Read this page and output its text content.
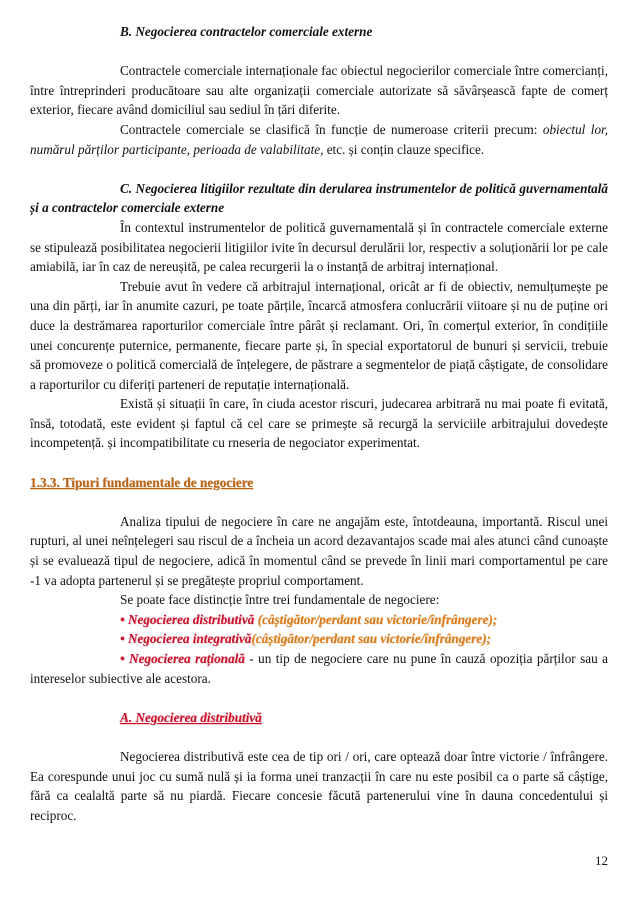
B. Negocierea contractelor comerciale externe

Contractele comerciale internaționale fac obiectul negocierilor comerciale între comercianți, între întreprinderi producătoare sau alte organizații comerciale autorizate să săvârșească fapte de comerț exterior, fiecare având domiciliul sau sediul în țări diferite.

Contractele comerciale se clasifică în funcție de numeroase criterii precum: obiectul lor, numărul părților participante, perioada de valabilitate, etc. și conțin clauze specifice.

C. Negocierea litigiilor rezultate din derularea instrumentelor de politică guvernamentală și a contractelor comerciale externe

În contextul instrumentelor de politică guvernamentală și în contractele comerciale externe se stipulează posibilitatea negocierii litigiilor ivite în decursul derulării lor, respectiv a soluționării lor pe cale amiabilă, iar în caz de nereușită, pe calea recurgerii la o instanță de arbitraj internațional.

Trebuie avut în vedere că arbitrajul internațional, oricât ar fi de obiectiv, nemulțumește pe una din părți, iar în anumite cazuri, pe toate părțile, încarcă atmosfera conlucrării viitoare și nu de puține ori duce la destrămarea raporturilor comerciale între pârât și reclamant. Ori, în comerțul exterior, în condițiile unei concurențe puternice, permanente, fiecare parte și, în special exportatorul de bunuri și servicii, trebuie să promoveze o politică comercială de înțelegere, de păstrare a segmentelor de piață câștigate, de consolidare a raporturilor cu diferiți parteneri de reputație internațională.

Există și situații în care, în ciuda acestor riscuri, judecarea arbitrară nu mai poate fi evitată, însă, totodată, este evident și faptul că cel care se primește să recurgă la serviciile arbitrajului dovedește incompetență. și incompatibilitate cu rneseria de negociator experimentat.

1.3.3. Tipuri fundamentale de negociere

Analiza tipului de negociere în care ne angajăm este, întotdeauna, importantă. Riscul unei rupturi, al unei neînțelegeri sau riscul de a încheia un acord dezavantajos scade mai ales atunci când cunoaște și se evaluează tipul de negociere, adică în momentul când se prevede în linii mari comportamentul pe care -1 va adopta partenerul și se pregătește propriul comportament.

Se poate face distincție între trei fundamentale de negociere:

• Negocierea distributivă (câștigător/perdant sau victorie/înfrângere);

• Negocierea integrativă(câștigător/perdant sau victorie/înfrângere);

• Negocierea rațională - un tip de negociere care nu pune în cauză opoziția părților sau a intereselor subiective ale acestora.

A. Negocierea distributivă

Negocierea distributivă este cea de tip ori / ori, care optează doar între victorie / înfrângere. Ea corespunde unui joc cu sumă nulă și ia forma unei tranzacții în care nu este posibil ca o parte să câștige, fără ca cealaltă parte să nu piardă. Fiecare concesie făcută partenerului vine în dauna concedentului și reciproc.

12
